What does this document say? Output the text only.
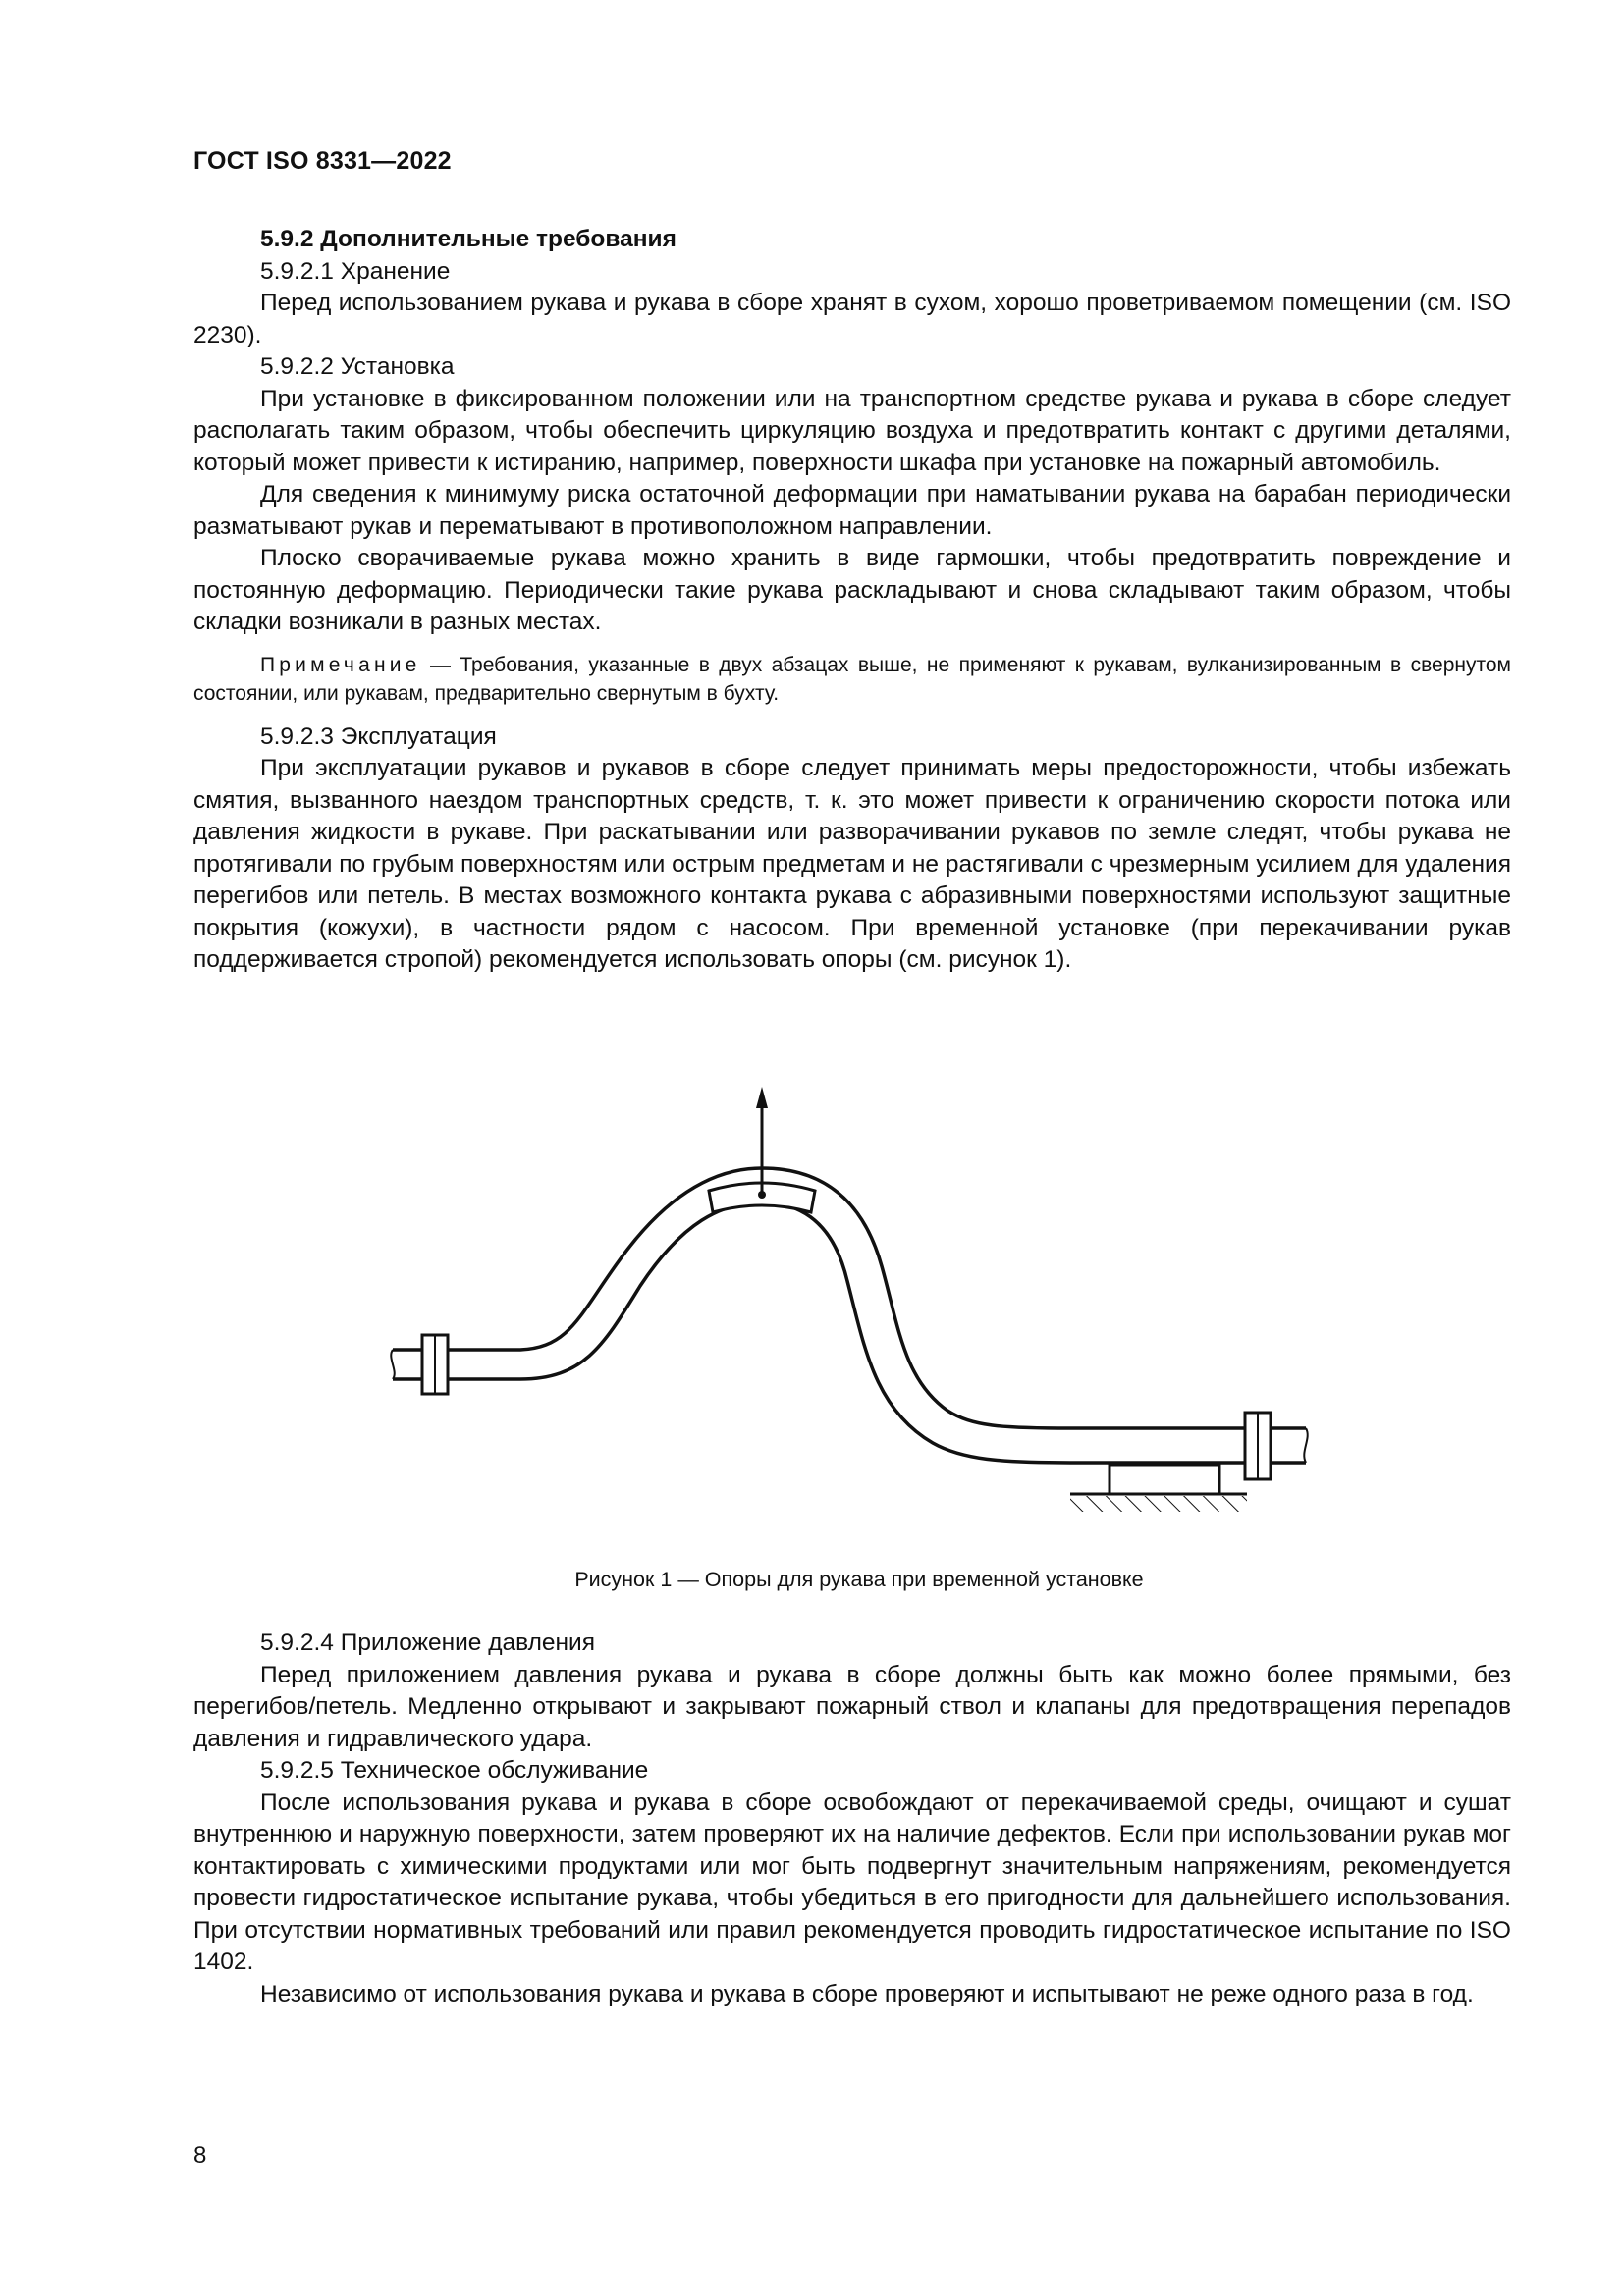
ГОСТ ISO 8331—2022

5.9.2 Дополнительные требования

5.9.2.1 Хранение

Перед использованием рукава и рукава в сборе хранят в сухом, хорошо проветриваемом помещении (см. ISO 2230).

5.9.2.2 Установка

При установке в фиксированном положении или на транспортном средстве рукава и рукава в сборе следует располагать таким образом, чтобы обеспечить циркуляцию воздуха и предотвратить контакт с другими деталями, который может привести к истиранию, например, поверхности шкафа при установке на пожарный автомобиль.

Для сведения к минимуму риска остаточной деформации при наматывании рукава на барабан периодически разматывают рукав и перематывают в противоположном направлении.

Плоско сворачиваемые рукава можно хранить в виде гармошки, чтобы предотвратить повреждение и постоянную деформацию. Периодически такие рукава раскладывают и снова складывают таким образом, чтобы складки возникали в разных местах.

Примечание — Требования, указанные в двух абзацах выше, не применяют к рукавам, вулканизированным в свернутом состоянии, или рукавам, предварительно свернутым в бухту.

5.9.2.3 Эксплуатация

При эксплуатации рукавов и рукавов в сборе следует принимать меры предосторожности, чтобы избежать смятия, вызванного наездом транспортных средств, т. к. это может привести к ограничению скорости потока или давления жидкости в рукаве. При раскатывании или разворачивании рукавов по земле следят, чтобы рукава не протягивали по грубым поверхностям или острым предметам и не растягивали с чрезмерным усилием для удаления перегибов или петель. В местах возможного контакта рукава с абразивными поверхностями используют защитные покрытия (кожухи), в частности рядом с насосом. При временной установке (при перекачивании рукав поддерживается стропой) рекомендуется использовать опоры (см. рисунок 1).

Рисунок 1 — Опоры для рукава при временной установке

5.9.2.4 Приложение давления

Перед приложением давления рукава и рукава в сборе должны быть как можно более прямыми, без перегибов/петель. Медленно открывают и закрывают пожарный ствол и клапаны для предотвращения перепадов давления и гидравлического удара.

5.9.2.5 Техническое обслуживание

После использования рукава и рукава в сборе освобождают от перекачиваемой среды, очищают и сушат внутреннюю и наружную поверхности, затем проверяют их на наличие дефектов. Если при использовании рукав мог контактировать с химическими продуктами или мог быть подвергнут значительным напряжениям, рекомендуется провести гидростатическое испытание рукава, чтобы убедиться в его пригодности для дальнейшего использования. При отсутствии нормативных требований или правил рекомендуется проводить гидростатическое испытание по ISO 1402.

Независимо от использования рукава и рукава в сборе проверяют и испытывают не реже одного раза в год.

8
